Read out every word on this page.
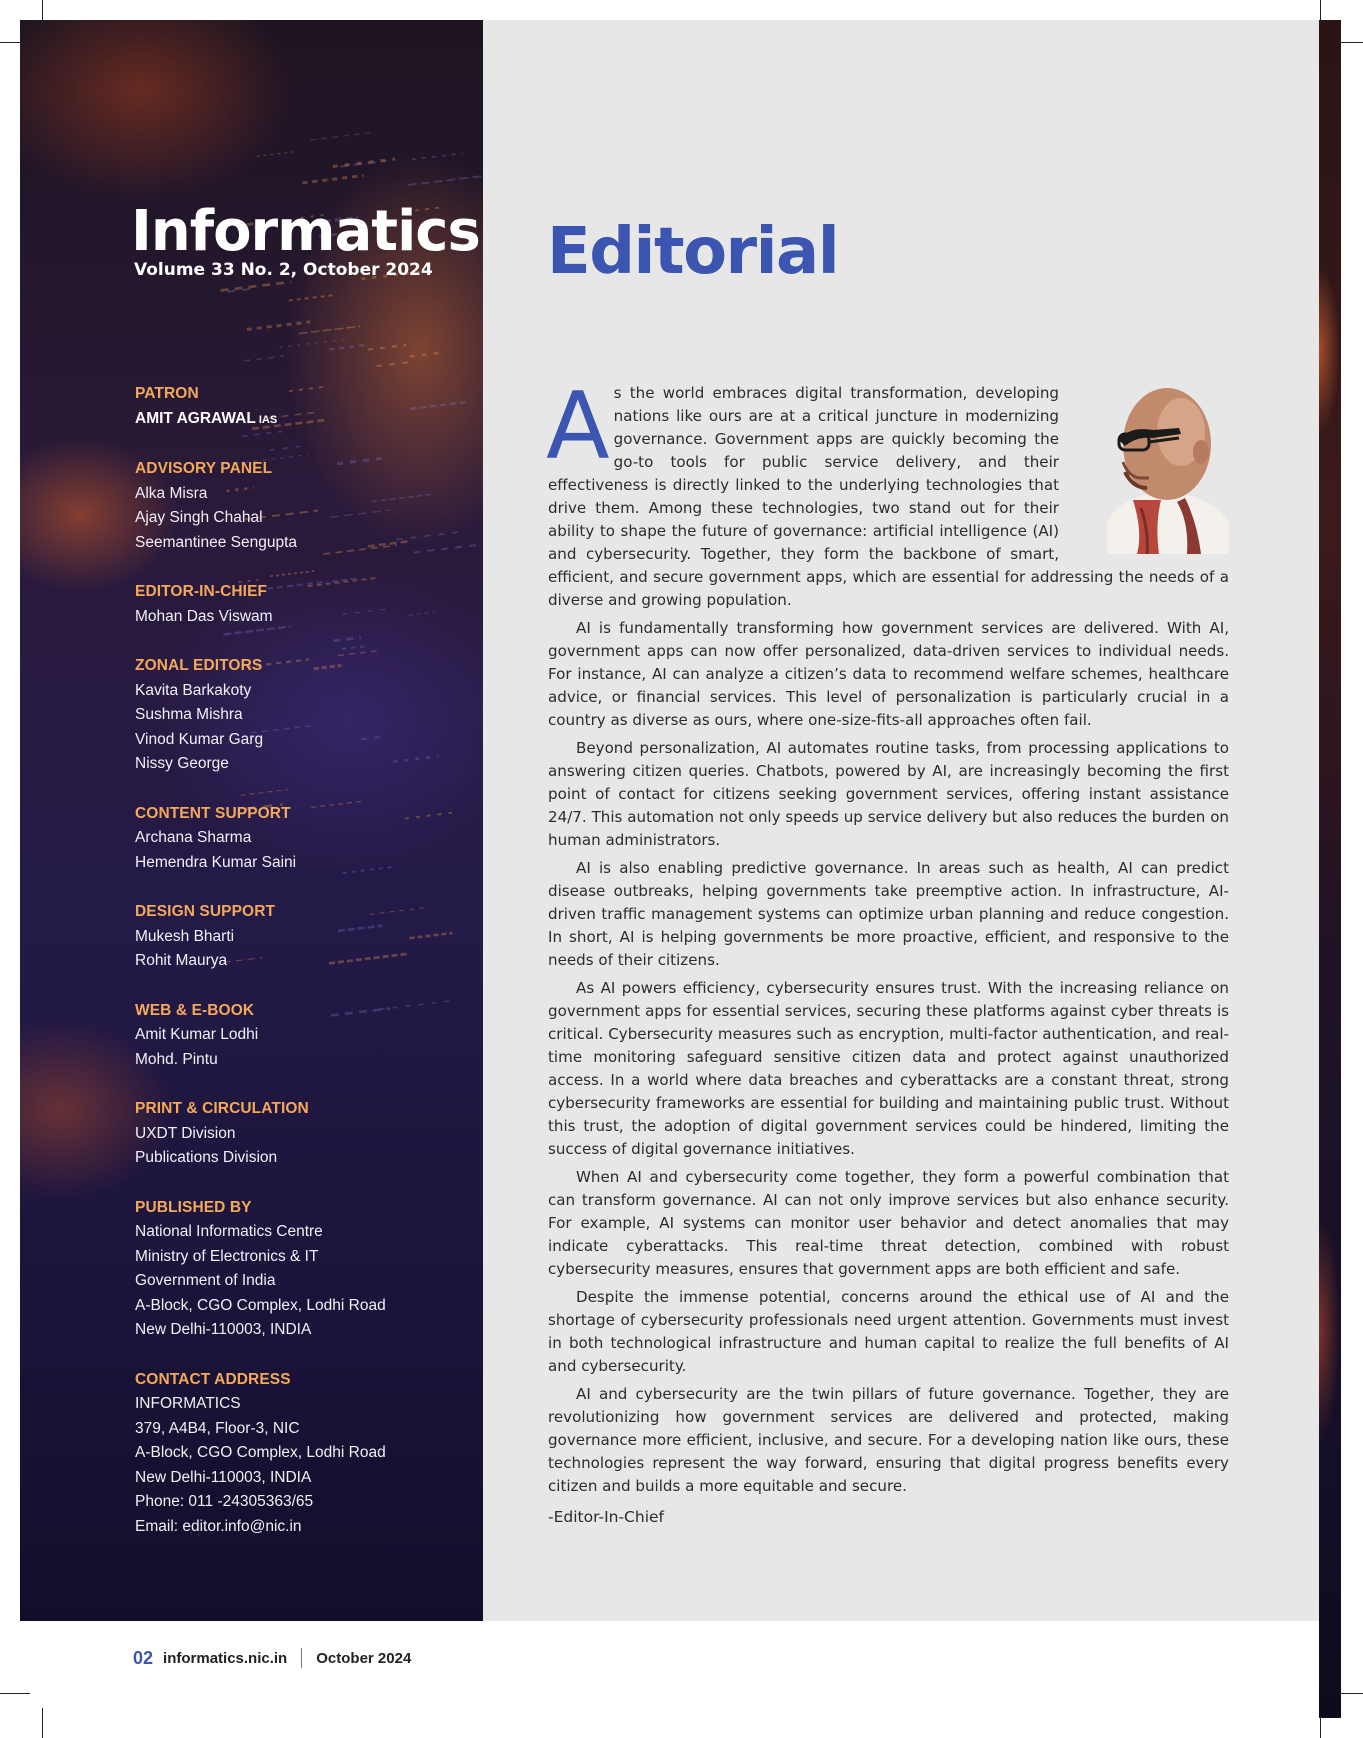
Informatics
Volume 33 No. 2, October 2024
PATRON
AMIT AGRAWAL IAS
ADVISORY PANEL
Alka Misra
Ajay Singh Chahal
Seemantinee Sengupta
EDITOR-IN-CHIEF
Mohan Das Viswam
ZONAL EDITORS
Kavita Barkakoty
Sushma Mishra
Vinod Kumar Garg
Nissy George
CONTENT SUPPORT
Archana Sharma
Hemendra Kumar Saini
DESIGN SUPPORT
Mukesh Bharti
Rohit Maurya
WEB & E-BOOK
Amit Kumar Lodhi
Mohd. Pintu
PRINT & CIRCULATION
UXDT Division
Publications Division
PUBLISHED BY
National Informatics Centre
Ministry of Electronics & IT
Government of India
A-Block, CGO Complex, Lodhi Road
New Delhi-110003, INDIA
CONTACT ADDRESS
INFORMATICS
379, A4B4, Floor-3, NIC
A-Block, CGO Complex, Lodhi Road
New Delhi-110003, INDIA
Phone: 011 -24305363/65
Email: editor.info@nic.in
Editorial

As the world embraces digital transformation, developing nations like ours are at a critical juncture in modernizing governance. Government apps are quickly becoming the go-to tools for public service delivery, and their effectiveness is directly linked to the underlying technologies that drive them. Among these technologies, two stand out for their ability to shape the future of governance: artificial intelligence (AI) and cybersecurity. Together, they form the backbone of smart, efficient, and secure government apps, which are essential for addressing the needs of a diverse and growing population.

AI is fundamentally transforming how government services are delivered. With AI, government apps can now offer personalized, data-driven services to individual needs. For instance, AI can analyze a citizen’s data to recommend welfare schemes, healthcare advice, or financial services. This level of personalization is particularly crucial in a country as diverse as ours, where one-size-fits-all approaches often fail.

Beyond personalization, AI automates routine tasks, from processing applications to answering citizen queries. Chatbots, powered by AI, are increasingly becoming the first point of contact for citizens seeking government services, offering instant assistance 24/7. This automation not only speeds up service delivery but also reduces the burden on human administrators.

AI is also enabling predictive governance. In areas such as health, AI can predict disease outbreaks, helping governments take preemptive action. In infrastructure, AI-driven traffic management systems can optimize urban planning and reduce congestion. In short, AI is helping governments be more proactive, efficient, and responsive to the needs of their citizens.

As AI powers efficiency, cybersecurity ensures trust. With the increasing reliance on government apps for essential services, securing these platforms against cyber threats is critical. Cybersecurity measures such as encryption, multi-factor authentication, and real-time monitoring safeguard sensitive citizen data and protect against unauthorized access. In a world where data breaches and cyberattacks are a constant threat, strong cybersecurity frameworks are essential for building and maintaining public trust. Without this trust, the adoption of digital government services could be hindered, limiting the success of digital governance initiatives.

When AI and cybersecurity come together, they form a powerful combination that can transform governance. AI can not only improve services but also enhance security. For example, AI systems can monitor user behavior and detect anomalies that may indicate cyberattacks. This real-time threat detection, combined with robust cybersecurity measures, ensures that government apps are both efficient and safe.

Despite the immense potential, concerns around the ethical use of AI and the shortage of cybersecurity professionals need urgent attention. Governments must invest in both technological infrastructure and human capital to realize the full benefits of AI and cybersecurity.

AI and cybersecurity are the twin pillars of future governance. Together, they are revolutionizing how government services are delivered and protected, making governance more efficient, inclusive, and secure. For a developing nation like ours, these technologies represent the way forward, ensuring that digital progress benefits every citizen and builds a more equitable and secure.

-Editor-In-Chief
02 informatics.nic.in October 2024
